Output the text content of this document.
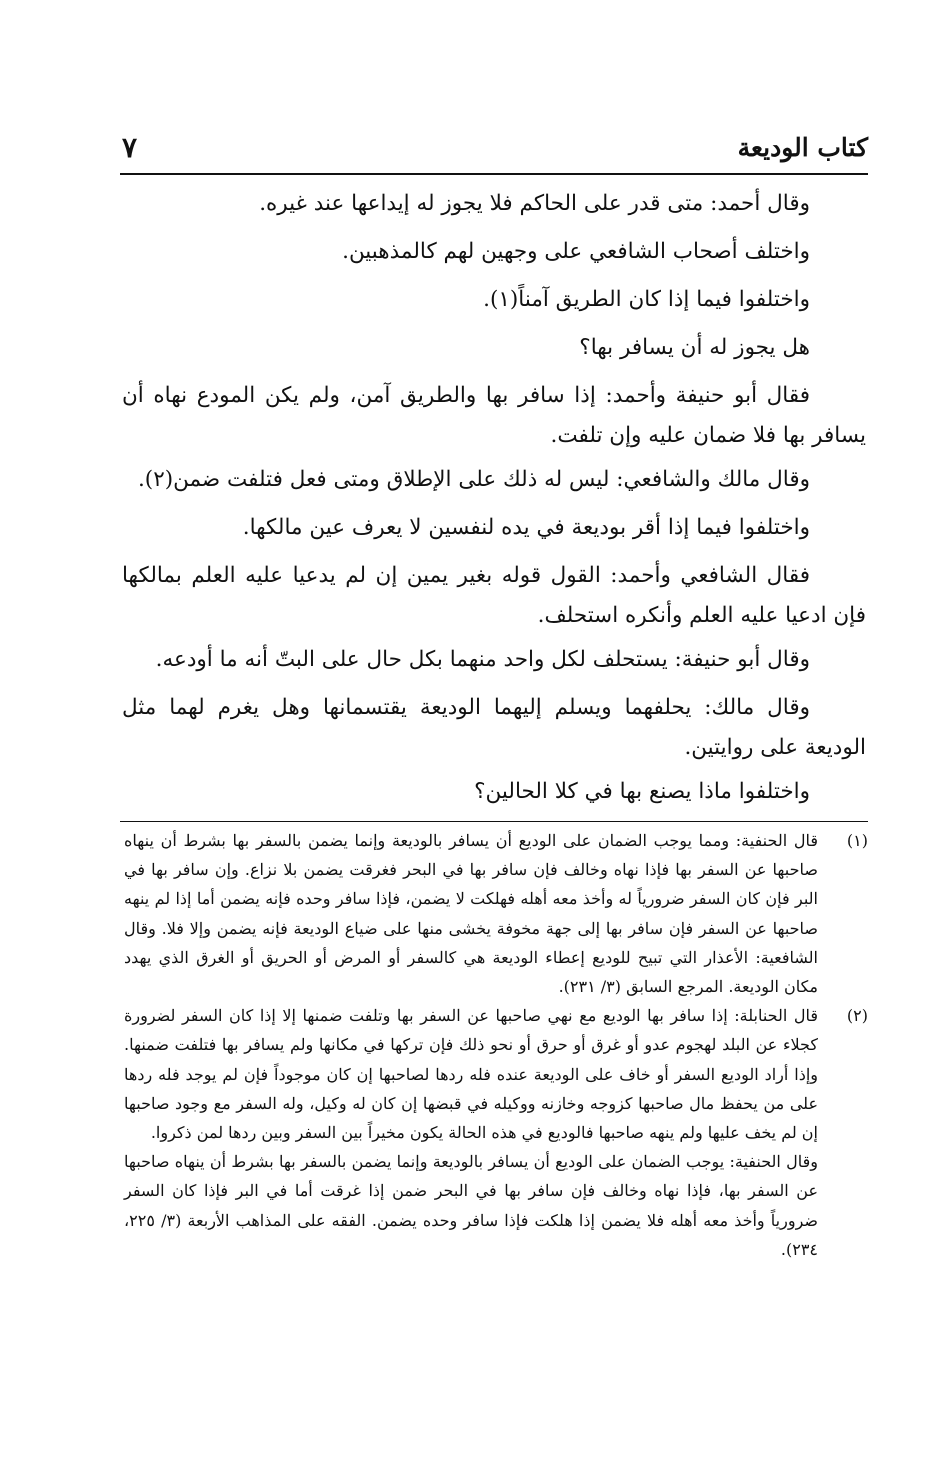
كتاب الوديعة
٧

وقال أحمد: متى قدر على الحاكم فلا يجوز له إيداعها عند غيره.

واختلف أصحاب الشافعي على وجهين لهم كالمذهبين.

واختلفوا فيما إذا كان الطريق آمناً(١).

هل يجوز له أن يسافر بها؟

فقال أبو حنيفة وأحمد: إذا سافر بها والطريق آمن، ولم يكن المودع نهاه أن يسافر بها فلا ضمان عليه وإن تلفت.

وقال مالك والشافعي: ليس له ذلك على الإطلاق ومتى فعل فتلفت ضمن(٢).

واختلفوا فيما إذا أقر بوديعة في يده لنفسين لا يعرف عين مالكها.

فقال الشافعي وأحمد: القول قوله بغير يمين إن لم يدعيا عليه العلم بمالكها فإن ادعيا عليه العلم وأنكره استحلف.

وقال أبو حنيفة: يستحلف لكل واحد منهما بكل حال على البتّ أنه ما أودعه.

وقال مالك: يحلفهما ويسلم إليهما الوديعة يقتسمانها وهل يغرم لهما مثل الوديعة على روايتين.

واختلفوا ماذا يصنع بها في كلا الحالين؟

(١)

قال الحنفية: ومما يوجب الضمان على الوديع أن يسافر بالوديعة وإنما يضمن بالسفر بها بشرط أن ينهاه صاحبها عن السفر بها فإذا نهاه وخالف فإن سافر بها في البحر فغرقت يضمن بلا نزاع. وإن سافر بها في البر فإن كان السفر ضرورياً له وأخذ معه أهله فهلكت لا يضمن، فإذا سافر وحده فإنه يضمن أما إذا لم ينهه صاحبها عن السفر فإن سافر بها إلى جهة مخوفة يخشى منها على ضياع الوديعة فإنه يضمن وإلا فلا. وقال الشافعية: الأعذار التي تبيح للوديع إعطاء الوديعة هي كالسفر أو المرض أو الحريق أو الغرق الذي يهدد مكان الوديعة. المرجع السابق (٣/ ٢٣١).

(٢)

قال الحنابلة: إذا سافر بها الوديع مع نهي صاحبها عن السفر بها وتلفت ضمنها إلا إذا كان السفر لضرورة كجلاء عن البلد لهجوم عدو أو غرق أو حرق أو نحو ذلك فإن تركها في مكانها ولم يسافر بها فتلفت ضمنها. وإذا أراد الوديع السفر أو خاف على الوديعة عنده فله ردها لصاحبها إن كان موجوداً فإن لم يوجد فله ردها على من يحفظ مال صاحبها كزوجه وخازنه ووكيله في قبضها إن كان له وكيل، وله السفر مع وجود صاحبها إن لم يخف عليها ولم ينهه صاحبها فالوديع في هذه الحالة يكون مخيراً بين السفر وبين ردها لمن ذكروا.

وقال الحنفية: يوجب الضمان على الوديع أن يسافر بالوديعة وإنما يضمن بالسفر بها بشرط أن ينهاه صاحبها عن السفر بها، فإذا نهاه وخالف فإن سافر بها في البحر ضمن إذا غرقت أما في البر فإذا كان السفر ضرورياً وأخذ معه أهله فلا يضمن إذا هلكت فإذا سافر وحده يضمن. الفقه على المذاهب الأربعة (٣/ ٢٢٥، ٢٣٤).
